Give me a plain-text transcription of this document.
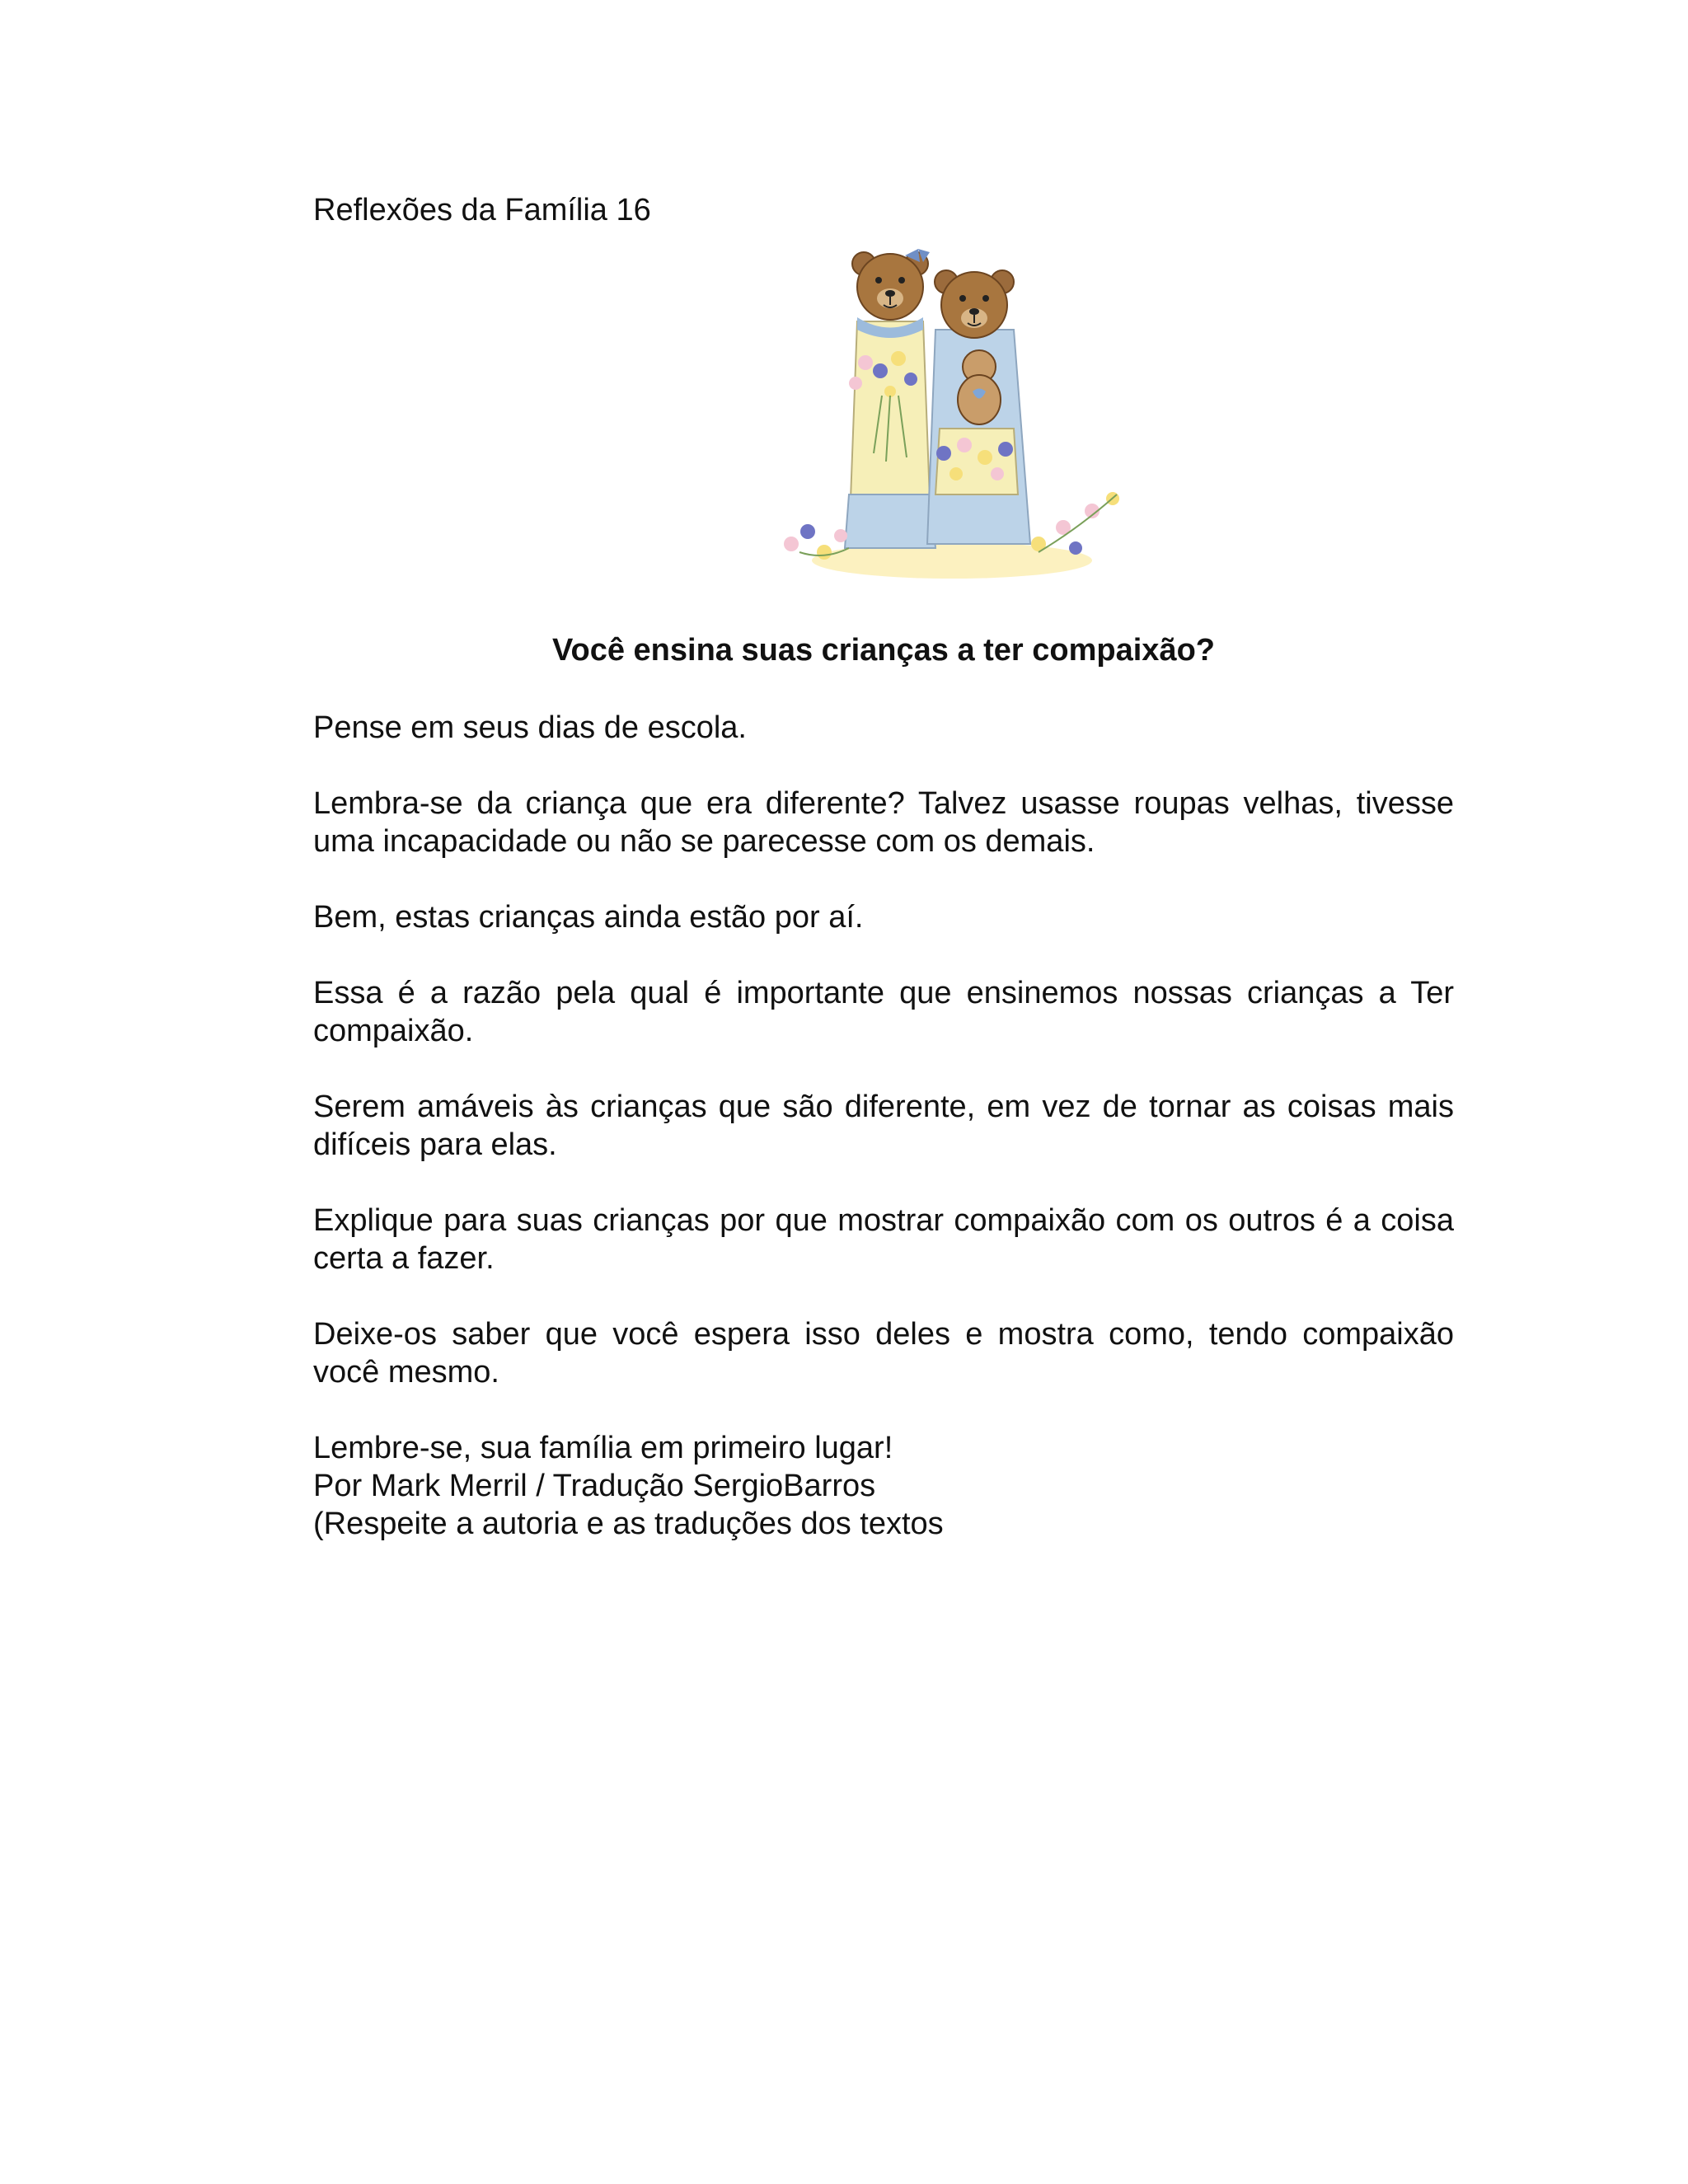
Reflexões da Família 16
Você ensina suas crianças a ter compaixão?

Pense em seus dias de escola.

Lembra-se da criança que era diferente? Talvez usasse roupas velhas, tivesse uma incapacidade ou não se parecesse com os demais.

Bem, estas crianças ainda estão por aí.

Essa é a razão pela qual é importante que ensinemos nossas crianças a Ter compaixão.

Serem amáveis às crianças que são diferente, em vez de tornar as coisas mais difíceis para elas.

Explique para suas crianças por que mostrar compaixão com os outros é a coisa certa a fazer.

Deixe-os saber que você espera isso deles e mostra como, tendo compaixão você mesmo.

Lembre-se, sua família em primeiro lugar!
Por Mark Merril / Tradução SergioBarros
(Respeite a autoria e as traduções dos textos
